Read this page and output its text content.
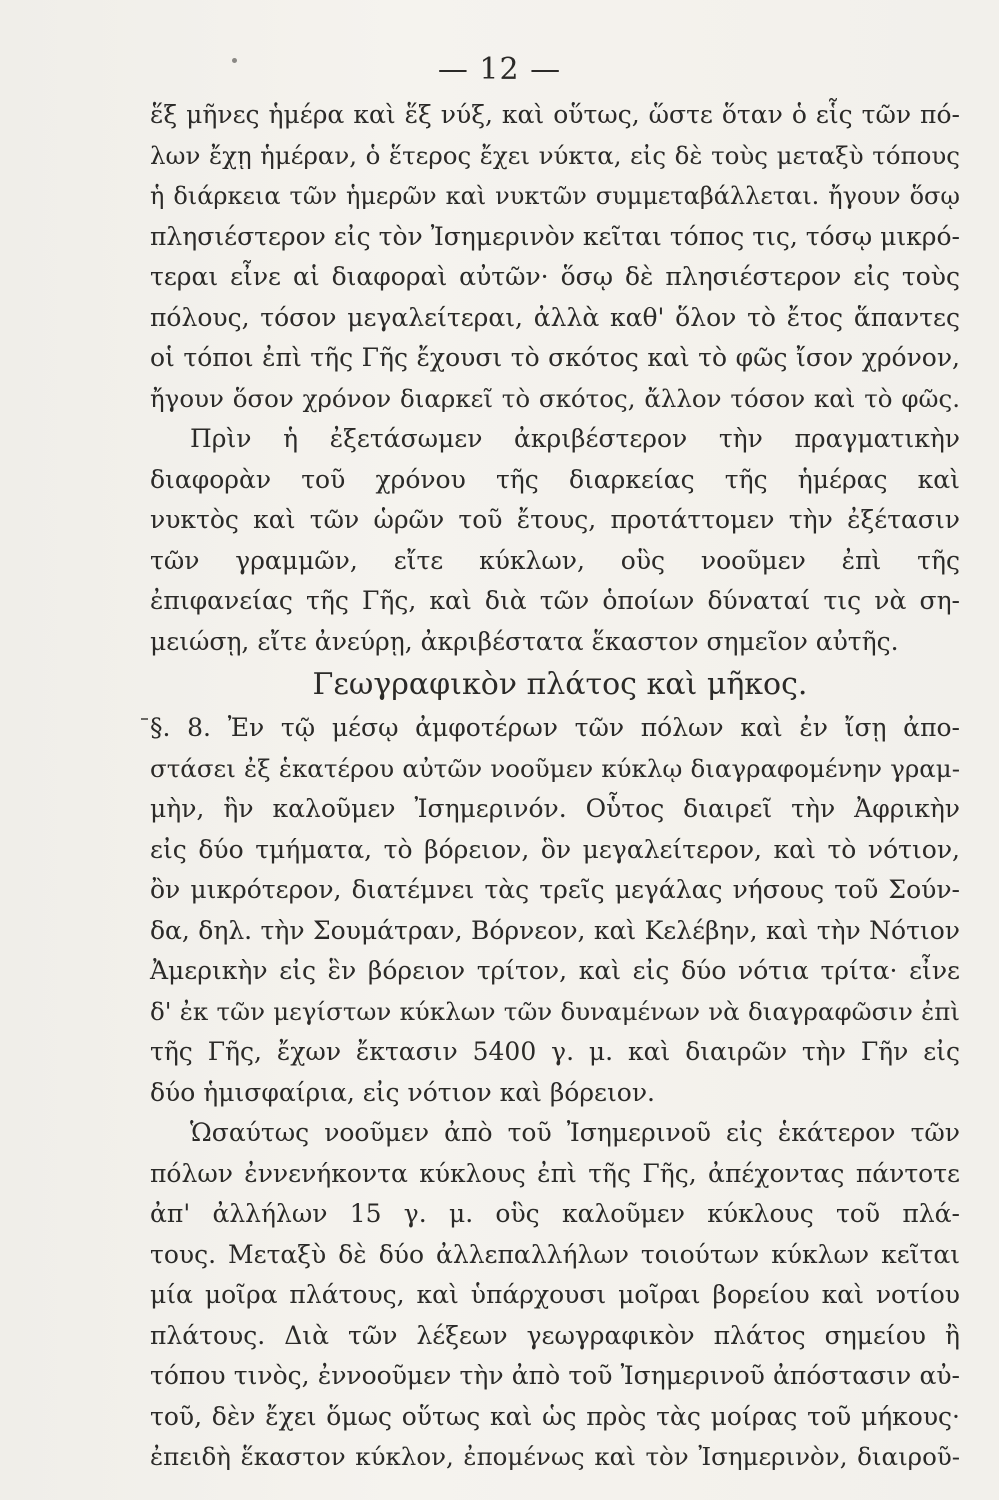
— 12 —
ἕξ μῆνες ἡμέρα καὶ ἕξ νύξ, καὶ οὕτως, ὥστε ὅταν ὁ εἷς τῶν πό-
λων ἔχῃ ἡμέραν, ὁ ἕτερος ἔχει νύκτα, εἰς δὲ τοὺς μεταξὺ τόπους
ἡ διάρκεια τῶν ἡμερῶν καὶ νυκτῶν συμμεταβάλλεται. ἤγουν ὅσῳ
πλησιέστερον εἰς τὸν Ἰσημερινὸν κεῖται τόπος τις, τόσῳ μικρό-
τεραι εἶνε αἱ διαφοραὶ αὐτῶν· ὅσῳ δὲ πλησιέστερον εἰς τοὺς
πόλους, τόσον μεγαλείτεραι, ἀλλὰ καθ' ὅλον τὸ ἔτος ἅπαντες
οἱ τόποι ἐπὶ τῆς Γῆς ἔχουσι τὸ σκότος καὶ τὸ φῶς ἴσον χρόνον,
ἤγουν ὅσον χρόνον διαρκεῖ τὸ σκότος, ἄλλον τόσον καὶ τὸ φῶς.
Πρὶν ἡ ἐξετάσωμεν ἀκριβέστερον τὴν πραγματικὴν
διαφορὰν τοῦ χρόνου τῆς διαρκείας τῆς ἡμέρας καὶ
νυκτὸς καὶ τῶν ὡρῶν τοῦ ἔτους, προτάττομεν τὴν ἐξέτασιν
τῶν γραμμῶν, εἴτε κύκλων, οὓς νοοῦμεν ἐπὶ τῆς
ἐπιφανείας τῆς Γῆς, καὶ διὰ τῶν ὁποίων δύναταί τις νὰ ση-
μειώσῃ, εἴτε ἀνεύρῃ, ἀκριβέστατα ἕκαστον σημεῖον αὐτῆς.
Γεωγραφικὸν πλάτος καὶ μῆκος.
§. 8. Ἐν τῷ μέσῳ ἀμφοτέρων τῶν πόλων καὶ ἐν ἴσῃ ἀπο-
στάσει ἐξ ἑκατέρου αὐτῶν νοοῦμεν κύκλῳ διαγραφομένην γραμ-
μὴν, ἣν καλοῦμεν Ἰσημερινόν. Οὗτος διαιρεῖ τὴν Ἀφρικὴν
εἰς δύο τμήματα, τὸ βόρειον, ὃν μεγαλείτερον, καὶ τὸ νότιον,
ὂν μικρότερον, διατέμνει τὰς τρεῖς μεγάλας νήσους τοῦ Σούν-
δα, δηλ. τὴν Σουμάτραν, Βόρνεον, καὶ Κελέβην, καὶ τὴν Νότιον
Ἀμερικὴν εἰς ἓν βόρειον τρίτον, καὶ εἰς δύο νότια τρίτα· εἶνε
δ' ἐκ τῶν μεγίστων κύκλων τῶν δυναμένων νὰ διαγραφῶσιν ἐπὶ
τῆς Γῆς, ἔχων ἔκτασιν 5400 γ. μ. καὶ διαιρῶν τὴν Γῆν εἰς
δύο ἡμισφαίρια, εἰς νότιον καὶ βόρειον.
Ὡσαύτως νοοῦμεν ἀπὸ τοῦ Ἰσημερινοῦ εἰς ἑκάτερον τῶν
πόλων ἐννενήκοντα κύκλους ἐπὶ τῆς Γῆς, ἀπέχοντας πάντοτε
ἀπ' ἀλλήλων 15 γ. μ. οὓς καλοῦμεν κύκλους τοῦ πλά-
τους. Μεταξὺ δὲ δύο ἀλλεπαλλήλων τοιούτων κύκλων κεῖται
μία μοῖρα πλάτους, καὶ ὑπάρχουσι μοῖραι βορείου καὶ νοτίου
πλάτους. Διὰ τῶν λέξεων γεωγραφικὸν πλάτος σημείου ἢ
τόπου τινὸς, ἐννοοῦμεν τὴν ἀπὸ τοῦ Ἰσημερινοῦ ἀπόστασιν αὐ-
τοῦ, δὲν ἔχει ὅμως οὕτως καὶ ὡς πρὸς τὰς μοίρας τοῦ μήκους·
ἐπειδὴ ἕκαστον κύκλον, ἐπομένως καὶ τὸν Ἰσημερινὸν, διαιροῦ-
